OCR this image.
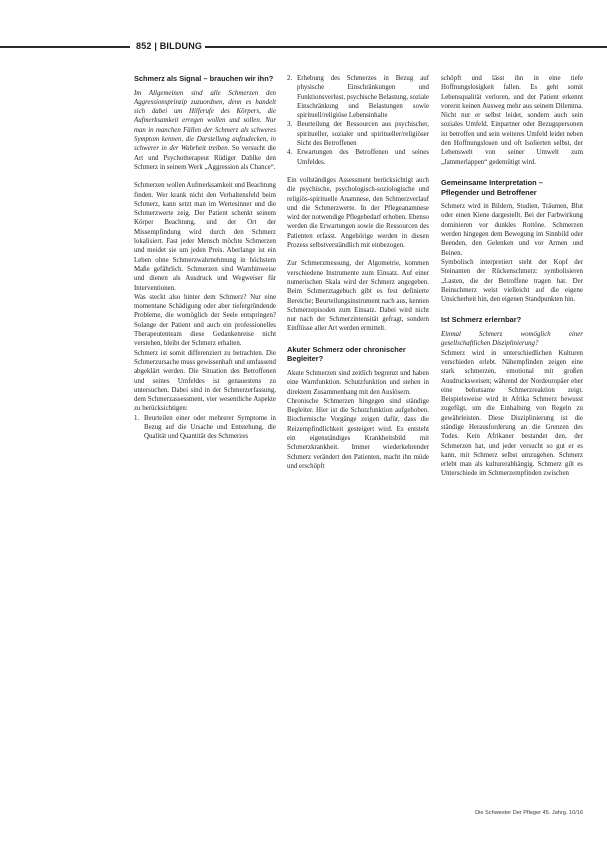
852 | BILDUNG
Schmerz als Signal – brauchen wir ihn?

Im Allgemeinen sind alle Schmerzen den Aggressionsprinzip zuzuordnen, denn es handelt sich dabei um Hilferufe des Körpers, die Aufmerksamkeit erregen wollen und sollen. Nur man in manchen Fällen der Schmerz als schweres Symptom kennen, die Darstellung aufzudecken, in schwerer in der Wahrheit treiben. So versucht die Art und Psychotherapeut Rüdiger Dahlke den Schmerz in seinem Werk „Aggression als Chance“.

Schmerzen wollen Aufmerksamkeit und Beachtung finden. Wer krank nicht den Verhaltensfeld beim Schmerz, kann setzt man im Wertesinner und die Schmerzwerte zeig. Der Patient schenkt seinem Körper Beachtung, und der Ort der Missempfindung wird durch den Schmerz lokalisiert. Fast jeder Mensch möchte Schmerzen und meidet sie um jeden Preis. Aberlange ist ein Leben ohne Schmerzwahrnehmung in höchstem Maße gefährlich. Schmerzen sind Warnhinweise und dienen als Ausdruck und Wegweiser für Interventionen.

Was steckt also hinter dem Schmerz? Nur eine momentane Schädigung oder aber tiefergründende Probleme, die womöglich der Seele entspringen? Solange der Patient und auch ein professionelles Therapeutenteam diese Gedankenreise nicht verstehen, bleibt der Schmerz erhalten.

Schmerz ist somit differenziert zu betrachten. Die Schmerzursache muss gewissenhaft und umfassend abgeklärt werden. Die Situation des Betroffenen und seines Umfeldes ist genauestens zu untersuchen. Dabei sind in der Schmerzerfassung, dem Schmerzassessment, vier wesentliche Aspekte zu berücksichtigen:

1. Beurteilen einer oder mehrerer Symptome in Bezug auf die Ursache und Entstehung, die Qualität und Quantität des Schmerzes
2. Erhebung des Schmerzes in Bezug auf physische Einschränkungen und Funktionsverlust, psychische Belastung, soziale Einschränkung und Belastungen sowie spirituell/religiöse Lebensinhalte
3. Beurteilung der Ressourcen aus psychischer, spiritueller, sozialer und spiritueller/religiöser Sicht des Betroffenen
4. Erwartungen des Betroffenen und seines Umfeldes.

Ein vollständiges Assessment berücksichtigt auch die psychische, psychologisch-soziologische und religiös-spirituelle Anamnese, den Schmerzverlauf und die Schmerzwerte. In der Pflegeanamnese wird der notwendige Pflegebedarf erhoben. Ebenso werden die Erwartungen sowie die Ressourcen des Patienten erfasst. Angehörige werden in diesen Prozess selbstverständlich mit einbezogen.

Zur Schmerzmessung, der Algometrie, kommen verschiedene Instrumente zum Einsatz. Auf einer numerischen Skala wird der Schmerz angegeben. Beim Schmerztagebuch gibt es fest definierte Bereiche; Beurteilungsinstrument nach aus, kennen Schmerzepisoden zum Einsatz. Dabei wird nicht nur nach der Schmerzintensität gefragt, sondern Einflüsse aller Art werden ermittelt.

Akuter Schmerz oder chronischer Begleiter?

Akute Schmerzen sind zeitlich begrenzt und haben eine Warnfunktion. Schutzfunktion und stehen in direktem Zusammenhang mit den Auslösern.

Chronische Schmerzen hingegen sind ständige Begleiter. Hier ist die Schutzfunktion aufgehoben. Biochemische Vorgänge zeigen dafür, dass die Reizempfindlichkeit gesteigert wird. Es entsteht ein eigenständiges Krankheitsbild mit Schmerzkrankheit. Immer wiederkehrender Schmerz verändert den Patienten, macht ihn müde und erschöpft

schöpft und lässt ihn in eine tiefe Hoffnungslosigkeit fallen. Es geht somit Lebensqualität verloren, und der Patient erkennt vorerst keinen Ausweg mehr aus seinem Dilemma. Nicht nur er selbst leidet, sondern auch sein soziales Umfeld. Einpartner oder Bezugspersonen ist betroffen und sein weiteres Umfeld leidet neben den Hoffnungslosen und oft Isolierten selbst, der Lebenswelt von seiner Umwelt zum „Jammerlappen“ gedemütigt wird.

Gemeinsame Interpretation – Pflegender und Betroffener

Schmerz wird in Bildern, Studien, Träumen, Blut oder einen Kiene dargestellt. Bei der Farbwirkung dominieren vor dunkles Rottöne. Schmerzen werden hingegen dem Bewegung im Sinnbild oder Beenden, den Gelenken und vor Armen und Beinen.

Symbolisch interpretiert steht der Kopf der Steinanten der Rückenschmerz: symbolisieren „Lasten, die der Betroffene tragen hat. Der Beinschmerz weist vielleicht auf die eigene Unsicherheit hin, den eigenen Standpunkten hin.

Ist Schmerz erlernbar?

Einmal Schmerz womöglich einer gesellschaftlichen Disziplinierung?

Schmerz wird in unterschiedlichen Kulturen verschieden erlebt. Nähempfinden zeigen eine stark schmerzen, emotional mit großen Ausdrucksweisen; während der Nordeuropäer eher eine behutsame Schmerzreaktion zeigt. Beispielsweise wird in Afrika Schmerz bewusst zugefügt, um die Einhaltung von Regeln zu gewährleisten. Diese Disziplinierung ist die ständige Herausforderung an die Grenzen des Todes. Kein Afrikaner bestandet den, der Schmerzen hat, und jeder versucht so gut er es kann, mit Schmerz selbst umzugehen. Schmerz erlebt man als kulturerabhängig. Schmerz gilt es Unterschiede im Schmerzempfinden zwischen

Die Schwester Der Pfleger 45. Jahrg. 10/16
